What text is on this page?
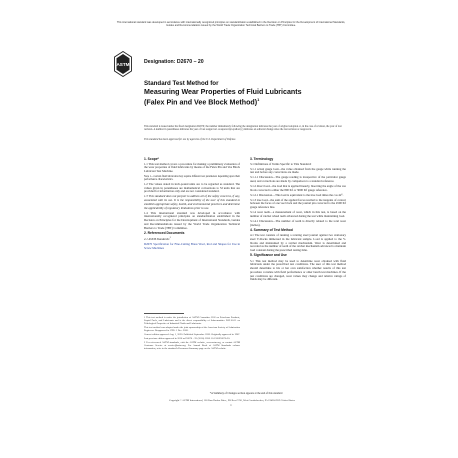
This international standard was developed in accordance with internationally recognized principles on standardization established in the Decision on Principles for the Development of International Standards, Guides and Recommendations issued by the World Trade Organization Technical Barriers to Trade (TBT) Committee.
ASTM	Designation: D2670 – 20
Standard Test Method for
Measuring Wear Properties of Fluid Lubricants (Falex Pin and Vee Block Method)$^1$
This standard is issued under the fixed designation D2670; the number immediately following the designation indicates the year of original adoption or, in the case of revision, the year of last revision. A number in parentheses indicates the year of last reapproval. A superscript epsilon (ε) indicates an editorial change since the last revision or reapproval.
This standard has been approved for use by agencies of the U.S. Department of Defense.
1. Scope*

1.1 This test method covers a procedure for making a preliminary evaluation of the wear properties of fluid lubricants by means of the Falex Pin and Vee Block Lubricant Test Machine.

Note 1—Certain fluid lubricants may require different test parameters depending upon their performance characteristics.

1.2 The values stated in inch-pound units are to be regarded as standard. The values given in parentheses are mathematical conversions to SI units that are provided for information only and are not considered standard.

1.3 This standard does not purport to address all of the safety concerns, if any, associated with its use. It is the responsibility of the user of this standard to establish appropriate safety, health, and environmental practices and determine the applicability of regulatory limitations prior to use.

1.4 This international standard was developed in accordance with internationally recognized principles on standardization established in the Decision on Principles for the Development of International Standards, Guides and Recommendations issued by the World Trade Organization Technical Barriers to Trade (TBT) Committee.

2. Referenced Documents

2.1 ASTM Standards:$^2$

D2670 Specification for Fine-Cutting Brass Wool, Rod and Shapes for Use in Screw Machines

1 This test method is under the jurisdiction of ASTM Committee D02 on Petroleum Products, Liquid Fuels, and Lubricants and is the direct responsibility of Subcommittee D02.L0.11 on Tribological Properties of Industrial Fluids and Lubricants.

This test method was adopted under the joint sponsorship of the American Society of Lubrication Engineers. Reapproved in 1995. 1 Dec. 2020.

Current edition approved Aug. 1, 2020. Published September 2020. Originally approved in 1967. Last previous edition approved in 2016 as D2670 – 95 (2016). DOI: 10.1520/D2670-20.

2 For referenced ASTM standards, visit the ASTM website, www.astm.org, or contact ASTM Customer Service at service@astm.org. For Annual Book of ASTM Standards volume information, refer to the standard's Document Summary page on the ASTM website.

3. Terminology

3.1 Definitions of Terms Specific to This Standard:

3.1.1 actual gauge load—the value obtained from the gauge while running the test and before any corrections are made.

3.1.1.1 Discussion—The gauge reading is irrespective of the particular gauge used, and corrections are made by comparison to a standard reference.

3.1.2 direct load—the load that is applied linearly, bisecting the angle of the vee block corrected to either the 800 lbf or 3000 lbf gauge reference.

3.1.2.1 Discussion—This load is equivalent to the true load times the cos 42°.

3.1.3 true load—the sum of the applied forces normal to the tangents of contact between the faces of one vee block and the journal pin corrected to the 4500 lbf gauge reference line.

3.1.4 wear teeth—a measurement of wear, which in this test, is based on the number of ratchet wheel teeth advanced during the test while maintaining load.

3.1.4.1 Discussion—The number of teeth is directly related to the total wear (inches).

4. Summary of Test Method

4.1 The test consists of running a rotating steel journal against two stationary steel V-blocks immersed in the lubricant sample. Load is applied to the V-blocks and maintained by a ratchet mechanism. Wear is determined and recorded as the number of teeth of the ratchet mechanism advanced to maintain load constant during the prescribed testing time.

5. Significance and Use

5.1 This test method may be used to determine wear obtained with fluid lubricants under the prescribed test conditions. The user of this test method should determine to his or her own satisfaction whether results of this test procedure correlate with field performance or other bench test machines. If the test conditions are changed, wear values may change and relative ratings of fluids may be different.

*A Summary of Changes section appears at the end of this standard
Copyright © ASTM International, 100 Barr Harbor Drive, PO Box C700, West Conshohocken, PA 19428-2959. United States
1
